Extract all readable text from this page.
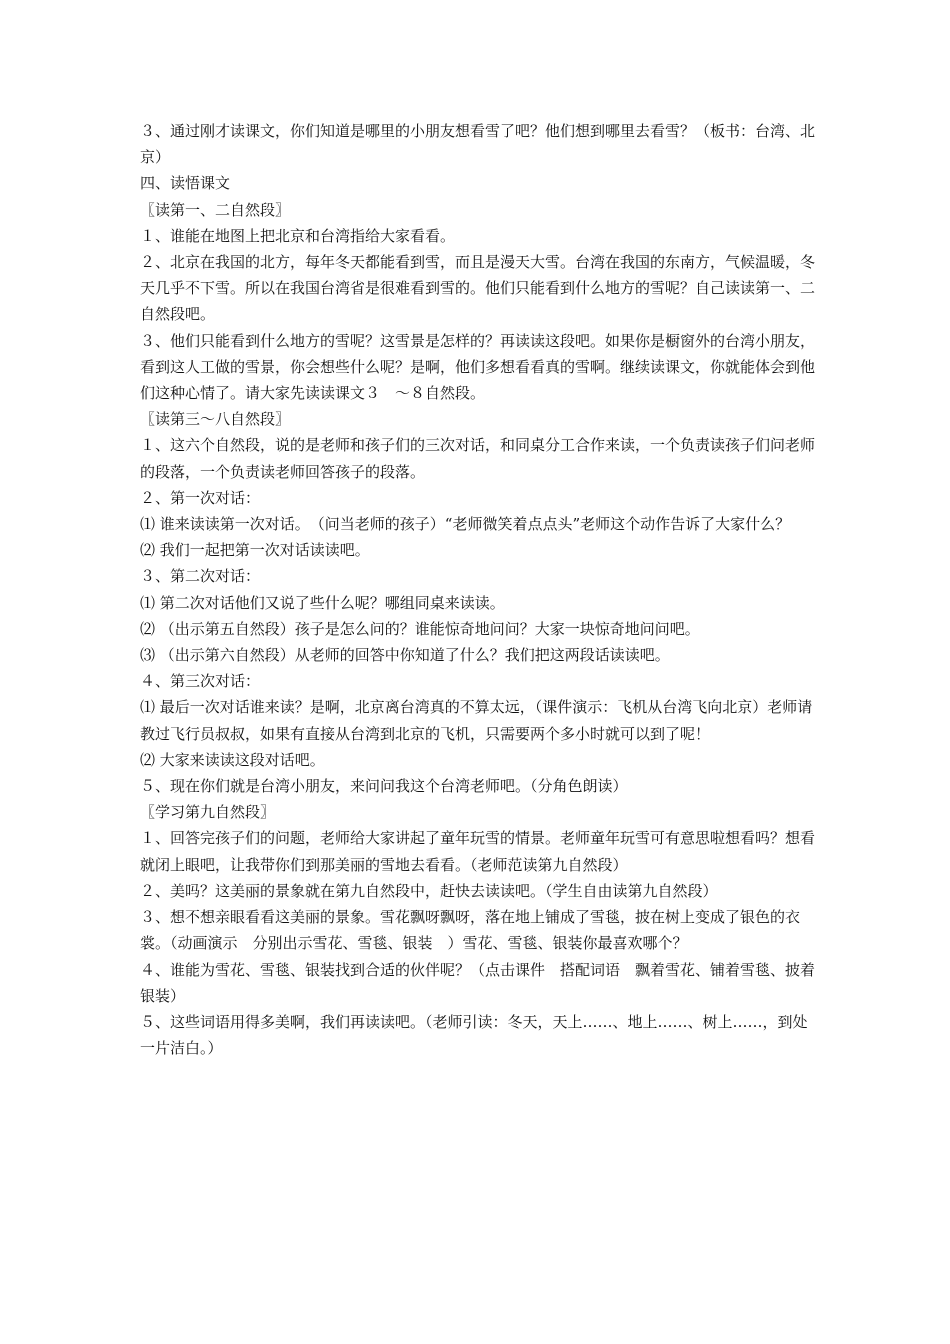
３、通过刚才读课文，你们知道是哪里的小朋友想看雪了吧？他们想到哪里去看雪？（板书：台湾、北京）
四、读悟课文
〖读第一、二自然段〗
１、谁能在地图上把北京和台湾指给大家看看。
２、北京在我国的北方，每年冬天都能看到雪，而且是漫天大雪。台湾在我国的东南方，气候温暖，冬天几乎不下雪。所以在我国台湾省是很难看到雪的。他们只能看到什么地方的雪呢？自己读读第一、二自然段吧。
３、他们只能看到什么地方的雪呢？这雪景是怎样的？再读读这段吧。如果你是橱窗外的台湾小朋友，看到这人工做的雪景，你会想些什么呢？是啊，他们多想看看真的雪啊。继续读课文，你就能体会到他们这种心情了。请大家先读读课文３　～８自然段。
〖读第三～八自然段〗
１、这六个自然段，说的是老师和孩子们的三次对话，和同桌分工合作来读，一个负责读孩子们问老师的段落，一个负责读老师回答孩子的段落。
２、第一次对话：
⑴ 谁来读读第一次对话。　（问当老师的孩子）“老师微笑着点点头”老师这个动作告诉了大家什么？
⑵ 我们一起把第一次对话读读吧。
３、第二次对话：
⑴ 第二次对话他们又说了些什么呢？哪组同桌来读读。
⑵ （出示第五自然段）孩子是怎么问的？谁能惊奇地问问？大家一块惊奇地问问吧。
⑶ （出示第六自然段）从老师的回答中你知道了什么？我们把这两段话读读吧。
４、第三次对话：
⑴ 最后一次对话谁来读？是啊，北京离台湾真的不算太远，（课件演示：飞机从台湾飞向北京）老师请教过飞行员叔叔，如果有直接从台湾到北京的飞机，只需要两个多小时就可以到了呢！
⑵ 大家来读读这段对话吧。
５、现在你们就是台湾小朋友，来问问我这个台湾老师吧。（分角色朗读）
〖学习第九自然段〗
１、回答完孩子们的问题，老师给大家讲起了童年玩雪的情景。老师童年玩雪可有意思啦想看吗？想看就闭上眼吧，让我带你们到那美丽的雪地去看看。（老师范读第九自然段）
２、美吗？这美丽的景象就在第九自然段中，赶快去读读吧。（学生自由读第九自然段）
３、想不想亲眼看看这美丽的景象。雪花飘呀飘呀，落在地上铺成了雪毯，披在树上变成了银色的衣裳。（动画演示　分别出示雪花、雪毯、银装　）雪花、雪毯、银装你最喜欢哪个？
４、谁能为雪花、雪毯、银装找到合适的伙伴呢？（点击课件　搭配词语　飘着雪花、铺着雪毯、披着银装）
５、这些词语用得多美啊，我们再读读吧。（老师引读：冬天，天上……、地上……、树上……，到处一片洁白。）
